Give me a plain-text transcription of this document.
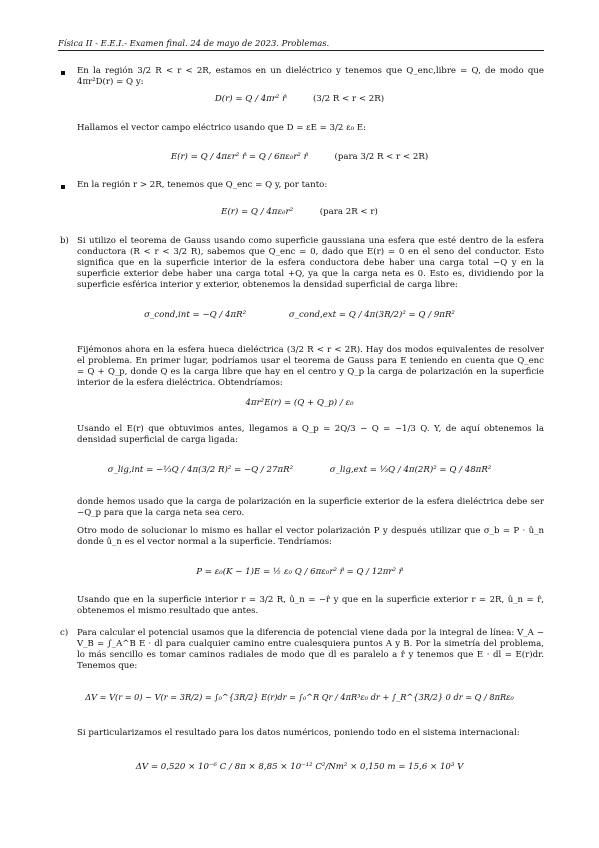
Física II - E.E.I.- Examen final. 24 de mayo de 2023. Problemas.
En la región 3/2 R < r < 2R, estamos en un dieléctrico y tenemos que Q_enc,libre = Q, de modo que 4πr²D(r) = Q y:
D(r) = Q / 4πr² r̂	(3/2 R < r < 2R)
Hallamos el vector campo eléctrico usando que D = εE = 3/2 ε₀ E:
E(r) = Q / 4πεr² r̂ = Q / 6πε₀r² r̂	(para 3/2 R < r < 2R)
En la región r > 2R, tenemos que Q_enc = Q y, por tanto:
E(r) = Q / 4πε₀r²	(para 2R < r)
b) Si utilizo el teorema de Gauss usando como superficie gaussiana una esfera que esté dentro de la esfera conductora (R < r < 3/2 R), sabemos que Q_enc = 0, dado que E(r) = 0 en el seno del conductor. Esto significa que en la superficie interior de la esfera conductora debe haber una carga total −Q y en la superficie exterior debe haber una carga total +Q, ya que la carga neta es 0. Esto es, dividiendo por la superficie esférica interior y exterior, obtenemos la densidad superficial de carga libre:
σ_cond,int = −Q / 4πR²	σ_cond,ext = Q / 4π(3R/2)² = Q / 9πR²
Fijémonos ahora en la esfera hueca dieléctrica (3/2 R < r < 2R). Hay dos modos equivalentes de resolver el problema. En primer lugar, podríamos usar el teorema de Gauss para E teniendo en cuenta que Q_enc = Q + Q_p, donde Q es la carga libre que hay en el centro y Q_p la carga de polarización en la superficie interior de la esfera dieléctrica. Obtendríamos:
4πr²E(r) = (Q + Q_p) / ε₀
Usando el E(r) que obtuvimos antes, llegamos a Q_p = 2Q/3 − Q = −1/3 Q. Y, de aquí obtenemos la densidad superficial de carga ligada:
σ_lig,int = −⅓Q / 4π(3/2 R)² = −Q / 27πR²	σ_lig,ext = ⅓Q / 4π(2R)² = Q / 48πR²
donde hemos usado que la carga de polarización en la superficie exterior de la esfera dieléctrica debe ser −Q_p para que la carga neta sea cero.
Otro modo de solucionar lo mismo es hallar el vector polarización P y después utilizar que σ_b = P · û_n donde û_n es el vector normal a la superficie. Tendríamos:
P = ε₀(K − 1)E = ½ ε₀ Q / 6πε₀r² r̂ = Q / 12πr² r̂
Usando que en la superficie interior r = 3/2 R, û_n = −r̂ y que en la superficie exterior r = 2R, û_n = r̂, obtenemos el mismo resultado que antes.
c) Para calcular el potencial usamos que la diferencia de potencial viene dada por la integral de línea: V_A − V_B = ∫_A^B E · dl para cualquier camino entre cualesquiera puntos A y B. Por la simetría del problema, lo más sencillo es tomar caminos radiales de modo que dl es paralelo a r̂ y tenemos que E · dl = E(r)dr. Tenemos que:
ΔV = V(r = 0) − V(r = 3R/2) = ∫₀^{3R/2} E(r)dr = ∫₀^R Qr / 4πR³ε₀ dr + ∫_R^{3R/2} 0 dr = Q / 8πRε₀
Si particularizamos el resultado para los datos numéricos, poniendo todo en el sistema internacional:
ΔV = 0,520 × 10⁻⁶ C / 8π × 8,85 × 10⁻¹² C²/Nm² × 0,150 m = 15,6 × 10³ V
